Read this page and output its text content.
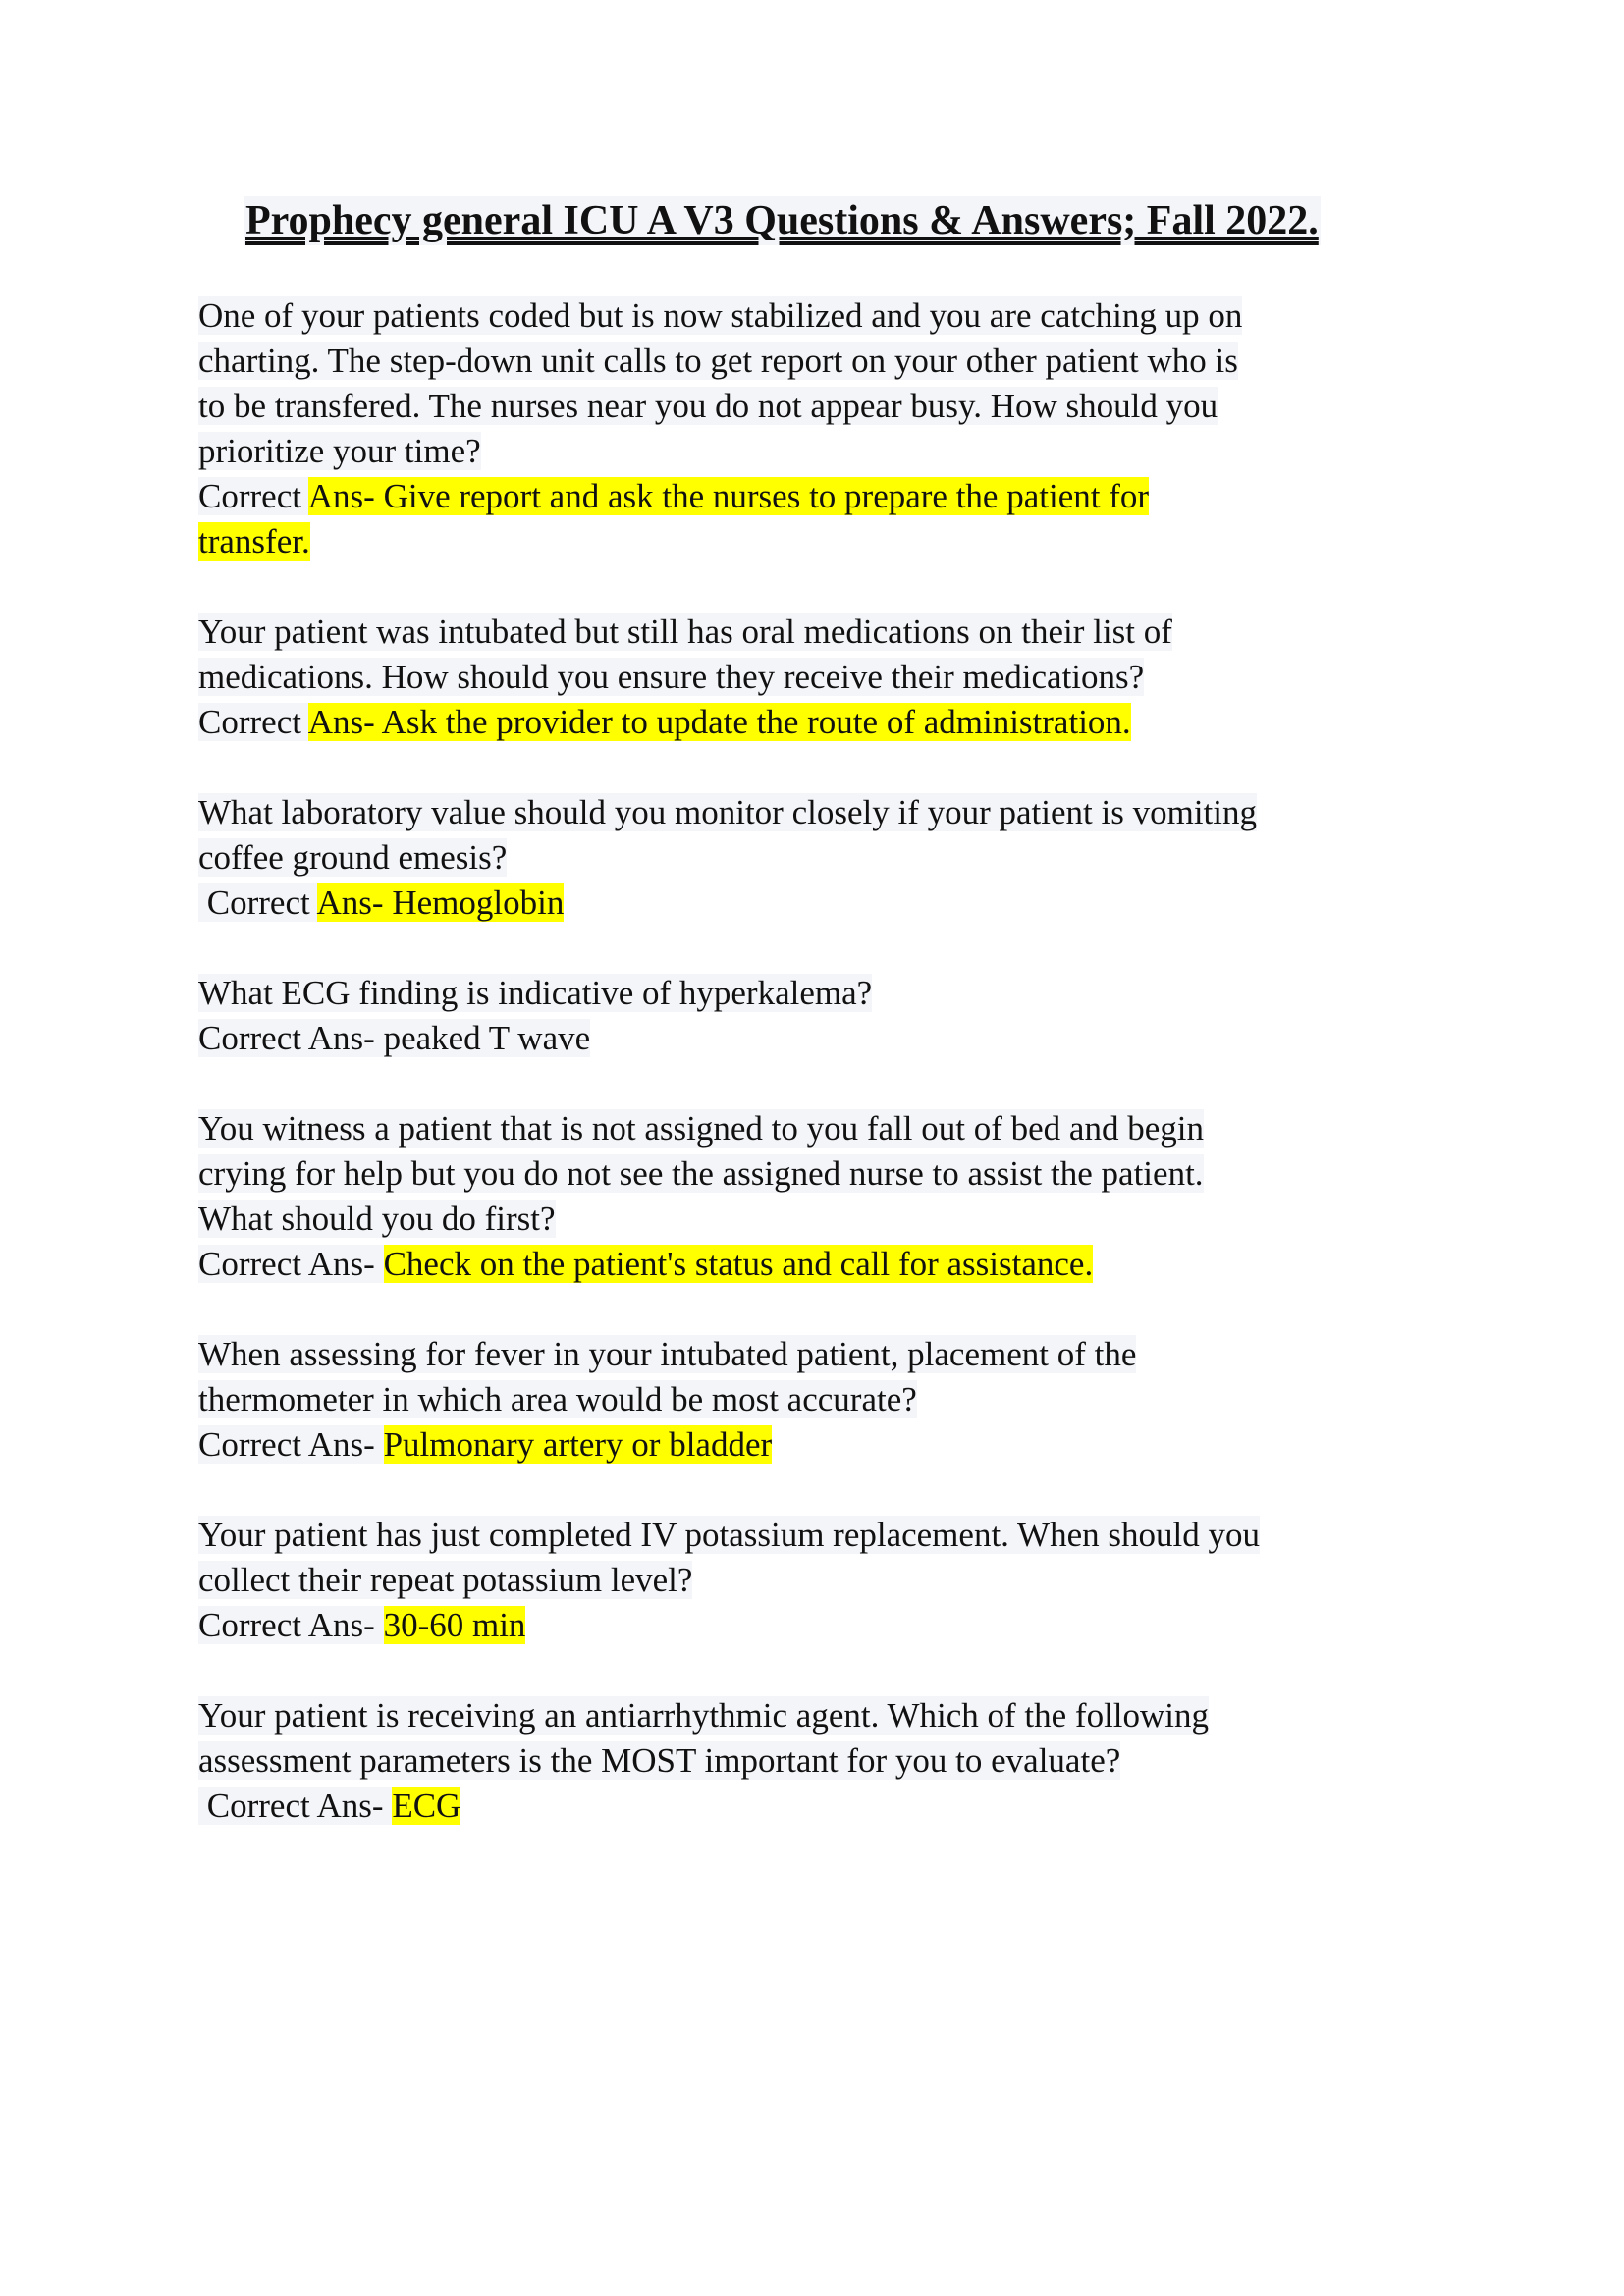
Prophecy general ICU A V3 Questions & Answers; Fall 2022.
One of your patients coded but is now stabilized and you are catching up on
charting. The step-down unit calls to get report on your other patient who is
to be transfered. The nurses near you do not appear busy. How should you
prioritize your time?
Correct Ans- Give report and ask the nurses to prepare the patient for
transfer.
Your patient was intubated but still has oral medications on their list of
medications. How should you ensure they receive their medications?
Correct Ans- Ask the provider to update the route of administration.
What laboratory value should you monitor closely if your patient is vomiting
coffee ground emesis?
Correct Ans- Hemoglobin
What ECG finding is indicative of hyperkalema?
Correct Ans- peaked T wave
You witness a patient that is not assigned to you fall out of bed and begin
crying for help but you do not see the assigned nurse to assist the patient.
What should you do first?
Correct Ans- Check on the patient's status and call for assistance.
When assessing for fever in your intubated patient, placement of the
thermometer in which area would be most accurate?
Correct Ans- Pulmonary artery or bladder
Your patient has just completed IV potassium replacement. When should you
collect their repeat potassium level?
Correct Ans- 30-60 min
Your patient is receiving an antiarrhythmic agent. Which of the following
assessment parameters is the MOST important for you to evaluate?
Correct Ans- ECG
